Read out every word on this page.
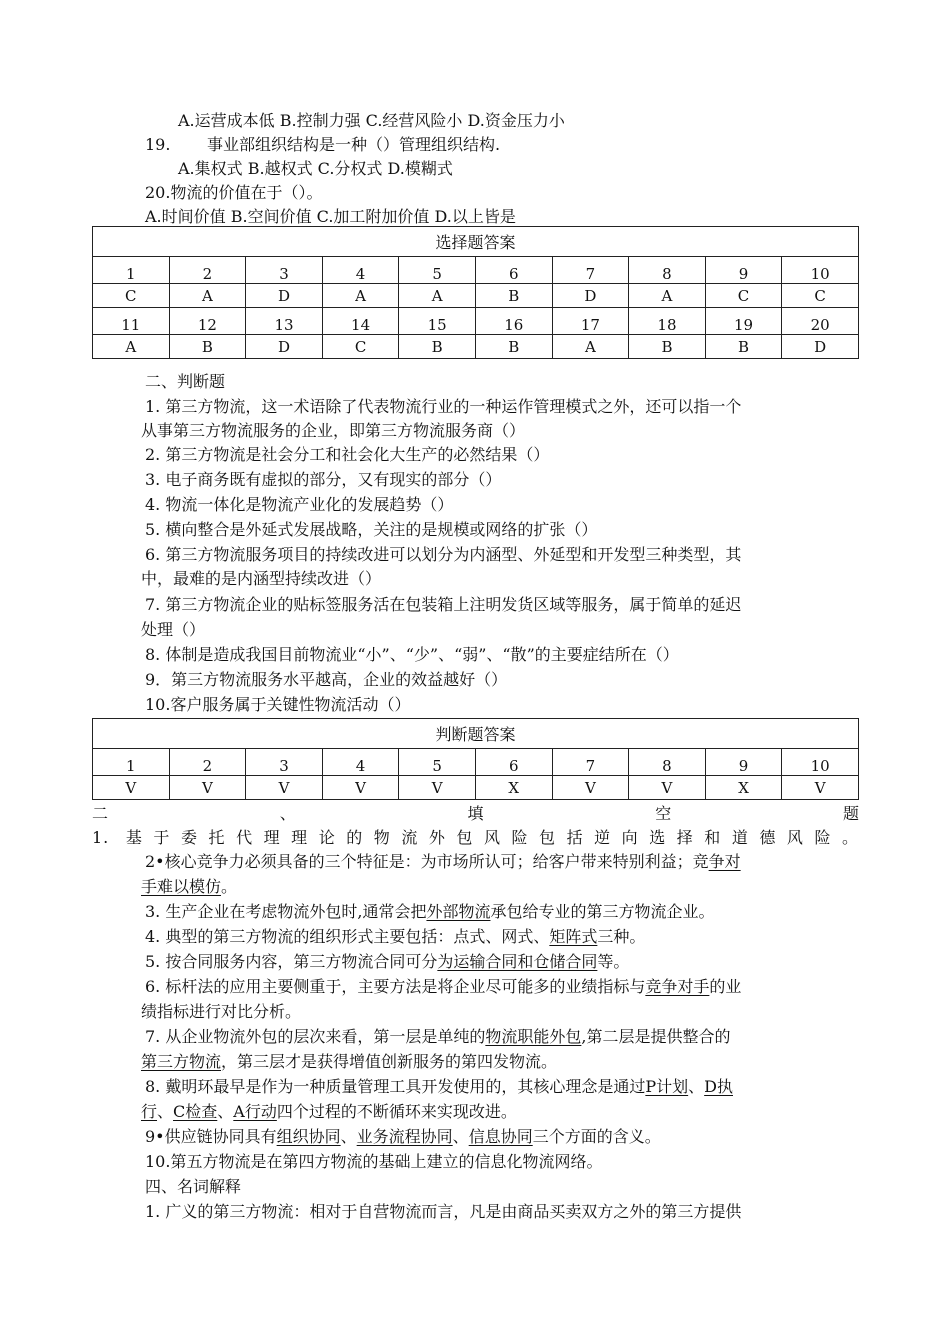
A.运营成本低 B.控制力强 C.经营风险小 D.资金压力小
19. 事业部组织结构是一种（）管理组织结构.
A.集权式 B.越权式 C.分权式 D.模糊式
20.物流的价值在于（）。
A.时间价值 B.空间价值 C.加工附加价值 D.以上皆是
选择题答案									
1	2	3	4	5	6	7	8	9	10
C	A	D	A	A	B	D	A	C	C
11	12	13	14	15	16	17	18	19	20
A	B	D	C	B	B	A	B	B	D
二、判断题
1. 第三方物流，这一术语除了代表物流行业的一种运作管理模式之外，还可以指一个
从事第三方物流服务的企业，即第三方物流服务商（）
2. 第三方物流是社会分工和社会化大生产的必然结果（）
3. 电子商务既有虚拟的部分，又有现实的部分（）
4. 物流一体化是物流产业化的发展趋势（）
5. 横向整合是外延式发展战略，关注的是规模或网络的扩张（）
6. 第三方物流服务项目的持续改进可以划分为内涵型、外延型和开发型三种类型，其
中，最难的是内涵型持续改进（）
7. 第三方物流企业的贴标签服务活在包装箱上注明发货区域等服务，属于简单的延迟
处理（）
8. 体制是造成我国目前物流业“小”、“少”、“弱”、“散”的主要症结所在（）
9．第三方物流服务水平越高，企业的效益越好（）
10.客户服务属于关键性物流活动（）
判断题答案									
1	2	3	4	5	6	7	8	9	10
V	V	V	V	V	X	V	V	X	V
二	、	填	空	题
1. 基于委托代理理论的物流外包风险包括逆向选择和道德风险。
2•核心竞争力必须具备的三个特征是：为市场所认可；给客户带来特别利益；竞争对
手难以模仿。
3. 生产企业在考虑物流外包时,通常会把外部物流承包给专业的第三方物流企业。
4. 典型的第三方物流的组织形式主要包括：点式、网式、矩阵式三种。
5. 按合同服务内容，第三方物流合同可分为运输合同和仓储合同等。
6. 标杆法的应用主要侧重于，主要方法是将企业尽可能多的业绩指标与竞争对手的业
绩指标进行对比分析。
7. 从企业物流外包的层次来看，第一层是单纯的物流职能外包,第二层是提供整合的
第三方物流，第三层才是获得增值创新服务的第四发物流。
8. 戴明环最早是作为一种质量管理工具开发使用的，其核心理念是通过P计划、D执
行、C检查、A行动四个过程的不断循环来实现改进。
9•供应链协同具有组织协同、业务流程协同、信息协同三个方面的含义。
10.第五方物流是在第四方物流的基础上建立的信息化物流网络。
四、名词解释
1. 广义的第三方物流：相对于自营物流而言，凡是由商品买卖双方之外的第三方提供
